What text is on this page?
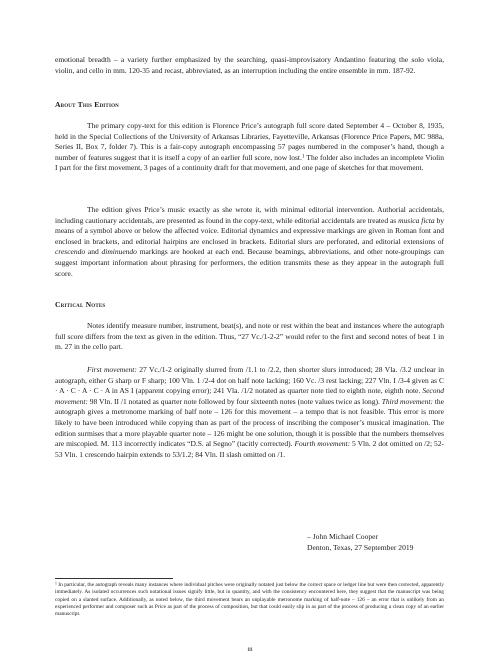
emotional breadth – a variety further emphasized by the searching, quasi-improvisatory Andantino featuring the solo viola, violin, and cello in mm. 120-35 and recast, abbreviated, as an interruption including the entire ensemble in mm. 187-92.

About This Edition

The primary copy-text for this edition is Florence Price’s autograph full score dated September 4 – October 8, 1935, held in the Special Collections of the University of Arkansas Libraries, Fayetteville, Arkansas (Florence Price Papers, MC 988a, Series II, Box 7, folder 7). This is a fair-copy autograph encompassing 57 pages numbered in the composer’s hand, though a number of features suggest that it is itself a copy of an earlier full score, now lost.$^1$ The folder also includes an incomplete Violin I part for the first movement, 3 pages of a continuity draft for that movement, and one page of sketches for that movement.

The edition gives Price’s music exactly as she wrote it, with minimal editorial intervention. Authorial accidentals, including cautionary accidentals, are presented as found in the copy-text, while editorial accidentals are treated as musica ficta by means of a symbol above or below the affected voice. Editorial dynamics and expressive markings are given in Roman font and enclosed in brackets, and editorial hairpins are enclosed in brackets. Editorial slurs are perforated, and editorial extensions of crescendo and diminuendo markings are hooked at each end. Because beamings, abbreviations, and other note-groupings can suggest important information about phrasing for performers, the edition transmits these as they appear in the autograph full score.

Critical Notes

Notes identify measure number, instrument, beat(s), and note or rest within the beat and instances where the autograph full score differs from the text as given in the edition. Thus, “27 Vc./1-2-2” would refer to the first and second notes of beat 1 in m. 27 in the cello part.

First movement: 27 Vc./1-2 originally slurred from /1.1 to /2.2, then shorter slurs introduced; 28 Vla. /3.2 unclear in autograph, either G sharp or F sharp; 100 Vln. 1 /2-4 dot on half note lacking; 160 Vc. /3 rest lacking; 227 Vln. I /3-4 given as C · A · C · A · C · A in AS I (apparent copying error); 241 Vla. /1/2 notated as quarter note tied to eighth note, eighth note. Second movement: 98 Vln. II /1 notated as quarter note followed by four sixteenth notes (note values twice as long). Third movement: the autograph gives a metronome marking of half note – 126 for this movement – a tempo that is not feasible. This error is more likely to have been introduced while copying than as part of the process of inscribing the composer’s musical imagination. The edition surmises that a more playable quarter note – 126 might be one solution, though it is possible that the numbers themselves are miscopied. M. 113 incorrectly indicates “D.S. al Segno” (tacitly corrected). Fourth movement: 5 Vln. 2 dot omitted on /2; 52-53 Vln. 1 crescendo hairpin extends to 53/1.2; 84 Vln. II slash omitted on /1.

– John Michael Cooper
Denton, Texas, 27 September 2019

$^1$ In particular, the autograph reveals many instances where individual pitches were originally notated just below the correct space or ledger line but were then corrected, apparently immediately. As isolated occurrences such notational issues signify little, but in quantity, and with the consistency encountered here, they suggest that the manuscript was being copied on a slanted surface. Additionally, as noted below, the third movement bears an unplayable metronome marking of half-note – 126 – an error that is unlikely from an experienced performer and composer such as Price as part of the process of composition, but that could easily slip in as part of the process of producing a clean copy of an earlier manuscript.

iii
